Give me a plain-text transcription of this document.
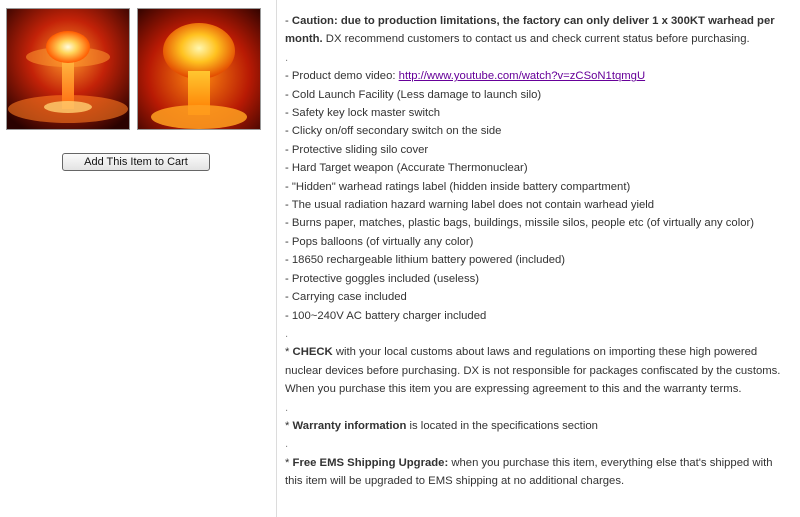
Add This Item to Cart

- Caution: due to production limitations, the factory can only deliver 1 x 300KT warhead per month. DX recommend customers to contact us and check current status before purchasing.

.

- Product demo video: http://www.youtube.com/watch?v=zCSoN1tqmgU

- Cold Launch Facility (Less damage to launch silo)

- Safety key lock master switch

- Clicky on/off secondary switch on the side

- Protective sliding silo cover

- Hard Target weapon (Accurate Thermonuclear)

- "Hidden" warhead ratings label (hidden inside battery compartment)

- The usual radiation hazard warning label does not contain warhead yield

- Burns paper, matches, plastic bags, buildings, missile silos, people etc (of virtually any color)

- Pops balloons (of virtually any color)

- 18650 rechargeable lithium battery powered (included)

- Protective goggles included (useless)

- Carrying case included

- 100~240V AC battery charger included

.

* CHECK with your local customs about laws and regulations on importing these high powered nuclear devices before purchasing. DX is not responsible for packages confiscated by the customs. When you purchase this item you are expressing agreement to this and the warranty terms.

.

* Warranty information is located in the specifications section

.

* Free EMS Shipping Upgrade: when you purchase this item, everything else that's shipped with this item will be upgraded to EMS shipping at no additional charges.
